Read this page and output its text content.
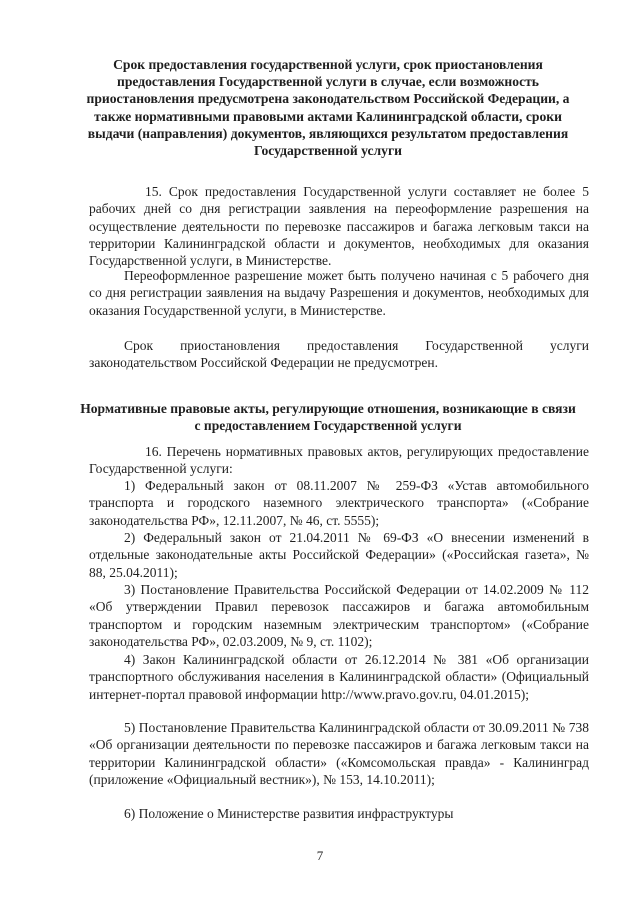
Срок предоставления государственной услуги, срок приостановления предоставления Государственной услуги в случае, если возможность приостановления предусмотрена законодательством Российской Федерации, а также нормативными правовыми актами Калининградской области, сроки выдачи (направления) документов, являющихся результатом предоставления Государственной услуги

15. Срок предоставления Государственной услуги составляет не более 5 рабочих дней со дня регистрации заявления на переоформление разрешения на осуществление деятельности по перевозке пассажиров и багажа легковым такси на территории Калининградской области и документов, необходимых для оказания Государственной услуги, в Министерстве.

Переоформленное разрешение может быть получено начиная с 5 рабочего дня со дня регистрации заявления на выдачу Разрешения и документов, необходимых для оказания Государственной услуги, в Министерстве.

Срок приостановления предоставления Государственной услуги законодательством Российской Федерации не предусмотрен.

Нормативные правовые акты, регулирующие отношения, возникающие в связи с предоставлением Государственной услуги

16. Перечень нормативных правовых актов, регулирующих предоставление Государственной услуги:

1) Федеральный закон от 08.11.2007 № 259-ФЗ «Устав автомобильного транспорта и городского наземного электрического транспорта» («Собрание законодательства РФ», 12.11.2007, № 46, ст. 5555);

2) Федеральный закон от 21.04.2011 № 69-ФЗ «О внесении изменений в отдельные законодательные акты Российской Федерации» («Российская газета», № 88, 25.04.2011);

3) Постановление Правительства Российской Федерации от 14.02.2009 № 112 «Об утверждении Правил перевозок пассажиров и багажа автомобильным транспортом и городским наземным электрическим транспортом» («Собрание законодательства РФ», 02.03.2009, № 9, ст. 1102);

4) Закон Калининградской области от 26.12.2014 № 381 «Об организации транспортного обслуживания населения в Калининградской области» (Официальный интернет-портал правовой информации http://www.pravo.gov.ru, 04.01.2015);

5) Постановление Правительства Калининградской области от 30.09.2011 № 738 «Об организации деятельности по перевозке пассажиров и багажа легковым такси на территории Калининградской области» («Комсомольская правда» - Калининград (приложение «Официальный вестник»), № 153, 14.10.2011);

6) Положение о Министерстве развития инфраструктуры

7
